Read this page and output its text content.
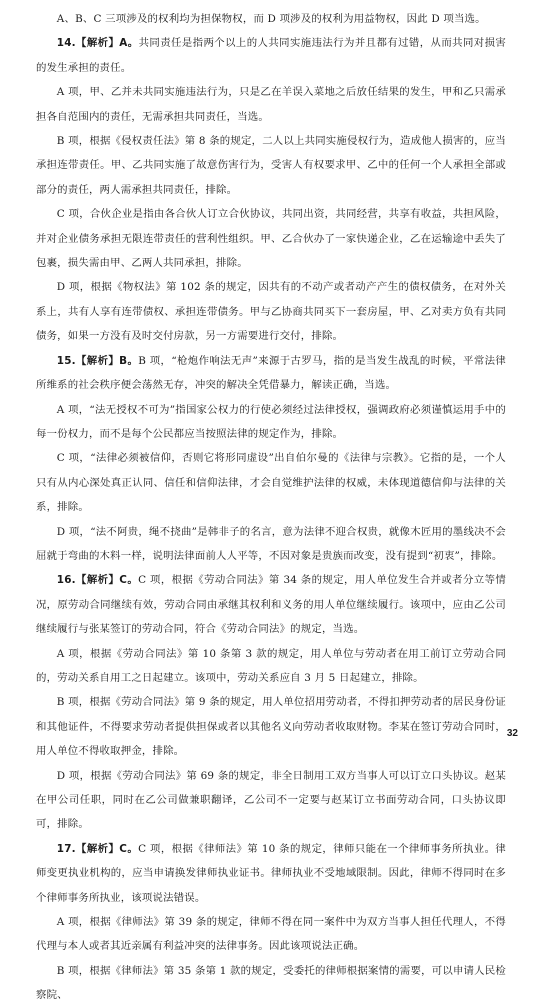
A、B、C 三项涉及的权利均为担保物权，而 D 项涉及的权利为用益物权，因此 D 项当选。

14.【解析】A。共同责任是指两个以上的人共同实施违法行为并且都有过错，从而共同对损害的发生承担的责任。

A 项，甲、乙并未共同实施违法行为，只是乙在羊误入菜地之后放任结果的发生，甲和乙只需承担各自范围内的责任，无需承担共同责任，当选。

B 项，根据《侵权责任法》第 8 条的规定，二人以上共同实施侵权行为，造成他人损害的，应当承担连带责任。甲、乙共同实施了故意伤害行为，受害人有权要求甲、乙中的任何一个人承担全部或部分的责任，两人需承担共同责任，排除。

C 项，合伙企业是指由各合伙人订立合伙协议，共同出资，共同经营，共享有收益，共担风险，并对企业债务承担无限连带责任的营利性组织。甲、乙合伙办了一家快递企业，乙在运输途中丢失了包裹，损失需由甲、乙两人共同承担，排除。

D 项，根据《物权法》第 102 条的规定，因共有的不动产或者动产产生的债权债务，在对外关系上，共有人享有连带债权、承担连带债务。甲与乙协商共同买下一套房屋，甲、乙对卖方负有共同债务，如果一方没有及时交付房款，另一方需要进行交付，排除。

15.【解析】B。B 项，“枪炮作响法无声”来源于古罗马，指的是当发生战乱的时候，平常法律所维系的社会秩序便会荡然无存，冲突的解决全凭借暴力，解读正确，当选。

A 项，“法无授权不可为”指国家公权力的行使必须经过法律授权，强调政府必须谨慎运用手中的每一份权力，而不是每个公民都应当按照法律的规定作为，排除。

C 项，“法律必须被信仰，否则它将形同虚设”出自伯尔曼的《法律与宗教》。它指的是，一个人只有从内心深处真正认同、信任和信仰法律，才会自觉维护法律的权威，未体现道德信仰与法律的关系，排除。

D 项，“法不阿贵，绳不挠曲”是韩非子的名言，意为法律不迎合权贵，就像木匠用的墨线决不会屈就于弯曲的木料一样，说明法律面前人人平等，不因对象是贵族而改变，没有提到“初衷”，排除。

16.【解析】C。C 项，根据《劳动合同法》第 34 条的规定，用人单位发生合并或者分立等情况，原劳动合同继续有效，劳动合同由承继其权利和义务的用人单位继续履行。该项中，应由乙公司继续履行与张某签订的劳动合同，符合《劳动合同法》的规定，当选。

A 项，根据《劳动合同法》第 10 条第 3 款的规定，用人单位与劳动者在用工前订立劳动合同的，劳动关系自用工之日起建立。该项中，劳动关系应自 3 月 5 日起建立，排除。

B 项，根据《劳动合同法》第 9 条的规定，用人单位招用劳动者，不得扣押劳动者的居民身份证和其他证件，不得要求劳动者提供担保或者以其他名义向劳动者收取财物。李某在签订劳动合同时，用人单位不得收取押金，排除。

D 项，根据《劳动合同法》第 69 条的规定，非全日制用工双方当事人可以订立口头协议。赵某在甲公司任职，同时在乙公司做兼职翻译，乙公司不一定要与赵某订立书面劳动合同，口头协议即可，排除。

17.【解析】C。C 项，根据《律师法》第 10 条的规定，律师只能在一个律师事务所执业。律师变更执业机构的，应当申请换发律师执业证书。律师执业不受地域限制。因此，律师不得同时在多个律师事务所执业，该项说法错误。

A 项，根据《律师法》第 39 条的规定，律师不得在同一案件中为双方当事人担任代理人，不得代理与本人或者其近亲属有利益冲突的法律事务。因此该项说法正确。

B 项，根据《律师法》第 35 条第 1 款的规定，受委托的律师根据案情的需要，可以申请人民检察院、

32
